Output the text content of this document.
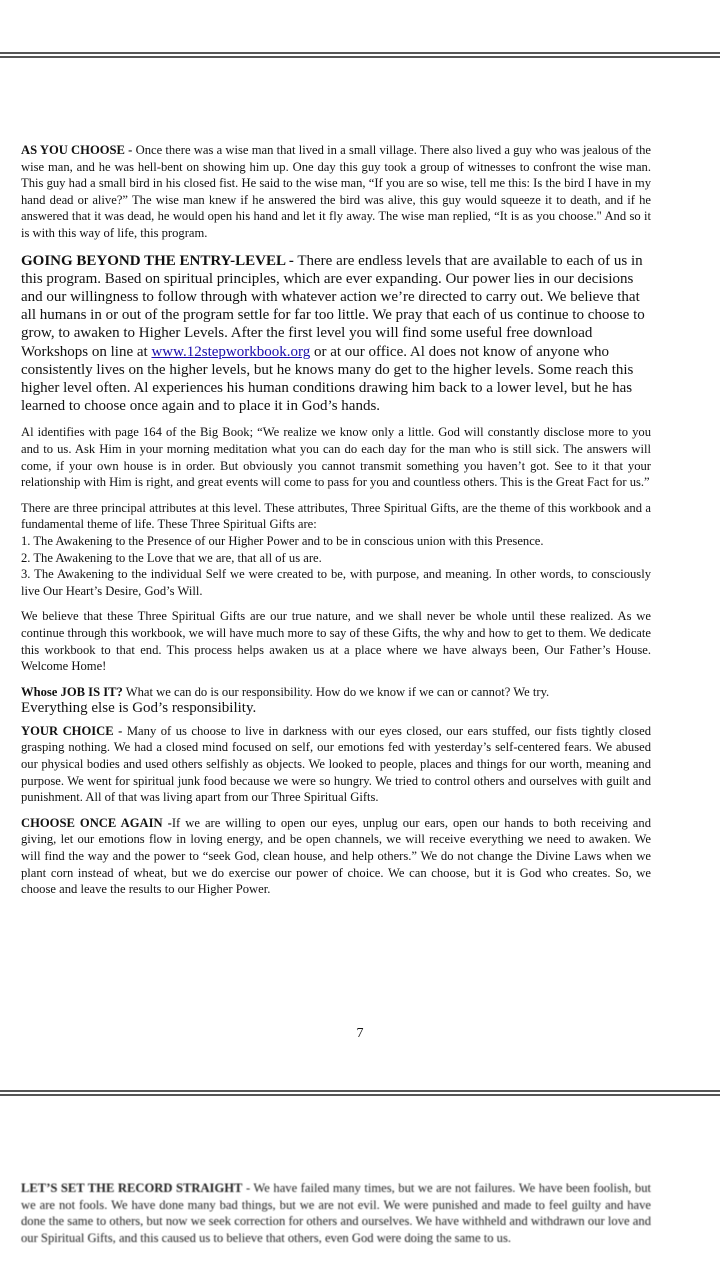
AS YOU CHOOSE - Once there was a wise man that lived in a small village. There also lived a guy who was jealous of the wise man, and he was hell-bent on showing him up. One day this guy took a group of witnesses to confront the wise man. This guy had a small bird in his closed fist. He said to the wise man, “If you are so wise, tell me this: Is the bird I have in my hand dead or alive?” The wise man knew if he answered the bird was alive, this guy would squeeze it to death, and if he answered that it was dead, he would open his hand and let it fly away. The wise man replied, “It is as you choose." And so it is with this way of life, this program.

GOING BEYOND THE ENTRY-LEVEL - There are endless levels that are available to each of us in this program. Based on spiritual principles, which are ever expanding. Our power lies in our decisions and our willingness to follow through with whatever action we’re directed to carry out. We believe that all humans in or out of the program settle for far too little. We pray that each of us continue to choose to grow, to awaken to Higher Levels. After the first level you will find some useful free download Workshops on line at www.12stepworkbook.org or at our office. Al does not know of anyone who consistently lives on the higher levels, but he knows many do get to the higher levels. Some reach this higher level often. Al experiences his human conditions drawing him back to a lower level, but he has learned to choose once again and to place it in God’s hands.

Al identifies with page 164 of the Big Book; “We realize we know only a little. God will constantly disclose more to you and to us. Ask Him in your morning meditation what you can do each day for the man who is still sick. The answers will come, if your own house is in order. But obviously you cannot transmit something you haven’t got. See to it that your relationship with Him is right, and great events will come to pass for you and countless others. This is the Great Fact for us.”

There are three principal attributes at this level. These attributes, Three Spiritual Gifts, are the theme of this workbook and a fundamental theme of life. These Three Spiritual Gifts are:
1. The Awakening to the Presence of our Higher Power and to be in conscious union with this Presence.
2. The Awakening to the Love that we are, that all of us are.
3. The Awakening to the individual Self we were created to be, with purpose, and meaning. In other words, to consciously live Our Heart’s Desire, God’s Will.

We believe that these Three Spiritual Gifts are our true nature, and we shall never be whole until these realized. As we continue through this workbook, we will have much more to say of these Gifts, the why and how to get to them. We dedicate this workbook to that end. This process helps awaken us at a place where we have always been, Our Father’s House. Welcome Home!

Whose JOB IS IT? What we can do is our responsibility. How do we know if we can or cannot? We try.
Everything else is God’s responsibility.

YOUR CHOICE - Many of us choose to live in darkness with our eyes closed, our ears stuffed, our fists tightly closed grasping nothing. We had a closed mind focused on self, our emotions fed with yesterday’s self-centered fears. We abused our physical bodies and used others selfishly as objects. We looked to people, places and things for our worth, meaning and purpose. We went for spiritual junk food because we were so hungry. We tried to control others and ourselves with guilt and punishment. All of that was living apart from our Three Spiritual Gifts.

CHOOSE ONCE AGAIN -If we are willing to open our eyes, unplug our ears, open our hands to both receiving and giving, let our emotions flow in loving energy, and be open channels, we will receive everything we need to awaken. We will find the way and the power to “seek God, clean house, and help others.” We do not change the Divine Laws when we plant corn instead of wheat, but we do exercise our power of choice. We can choose, but it is God who creates. So, we choose and leave the results to our Higher Power.

7

LET’S SET THE RECORD STRAIGHT - We have failed many times, but we are not failures. We have been foolish, but we are not fools. We have done many bad things, but we are not evil. We were punished and made to feel guilty and have done the same to others, but now we seek correction for others and ourselves. We have withheld and withdrawn our love and our Spiritual Gifts, and this caused us to believe that others, even God were doing the same to us.
